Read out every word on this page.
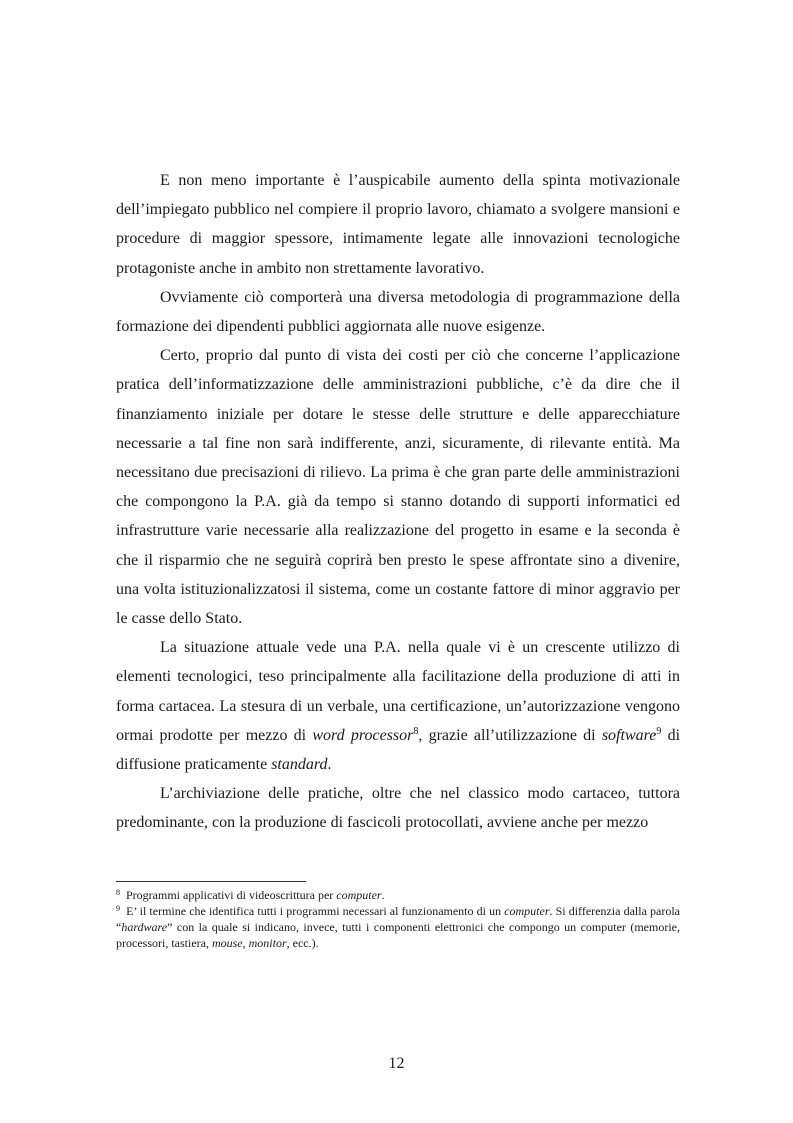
E non meno importante è l’auspicabile aumento della spinta motivazionale dell’impiegato pubblico nel compiere il proprio lavoro, chiamato a svolgere mansioni e procedure di maggior spessore, intimamente legate alle innovazioni tecnologiche protagoniste anche in ambito non strettamente lavorativo.

Ovviamente ciò comporterà una diversa metodologia di programmazione della formazione dei dipendenti pubblici aggiornata alle nuove esigenze.

Certo, proprio dal punto di vista dei costi per ciò che concerne l’applicazione pratica dell’informatizzazione delle amministrazioni pubbliche, c’è da dire che il finanziamento iniziale per dotare le stesse delle strutture e delle apparecchiature necessarie a tal fine non sarà indifferente, anzi, sicuramente, di rilevante entità. Ma necessitano due precisazioni di rilievo. La prima è che gran parte delle amministrazioni che compongono la P.A. già da tempo si stanno dotando di supporti informatici ed infrastrutture varie necessarie alla realizzazione del progetto in esame e la seconda è che il risparmio che ne seguirà coprirà ben presto le spese affrontate sino a divenire, una volta istituzionalizzatosi il sistema, come un costante fattore di minor aggravio per le casse dello Stato.

La situazione attuale vede una P.A. nella quale vi è un crescente utilizzo di elementi tecnologici, teso principalmente alla facilitazione della produzione di atti in forma cartacea. La stesura di un verbale, una certificazione, un’autorizzazione vengono ormai prodotte per mezzo di word processor$^8$, grazie all’utilizzazione di software$^9$ di diffusione praticamente standard.

L’archiviazione delle pratiche, oltre che nel classico modo cartaceo, tuttora predominante, con la produzione di fascicoli protocollati, avviene anche per mezzo

$^8$ Programmi applicativi di videoscrittura per computer.

$^9$ E’ il termine che identifica tutti i programmi necessari al funzionamento di un computer. Si differenzia dalla parola “hardware” con la quale si indicano, invece, tutti i componenti elettronici che compongo un computer (memorie, processori, tastiera, mouse, monitor, ecc.).

12
